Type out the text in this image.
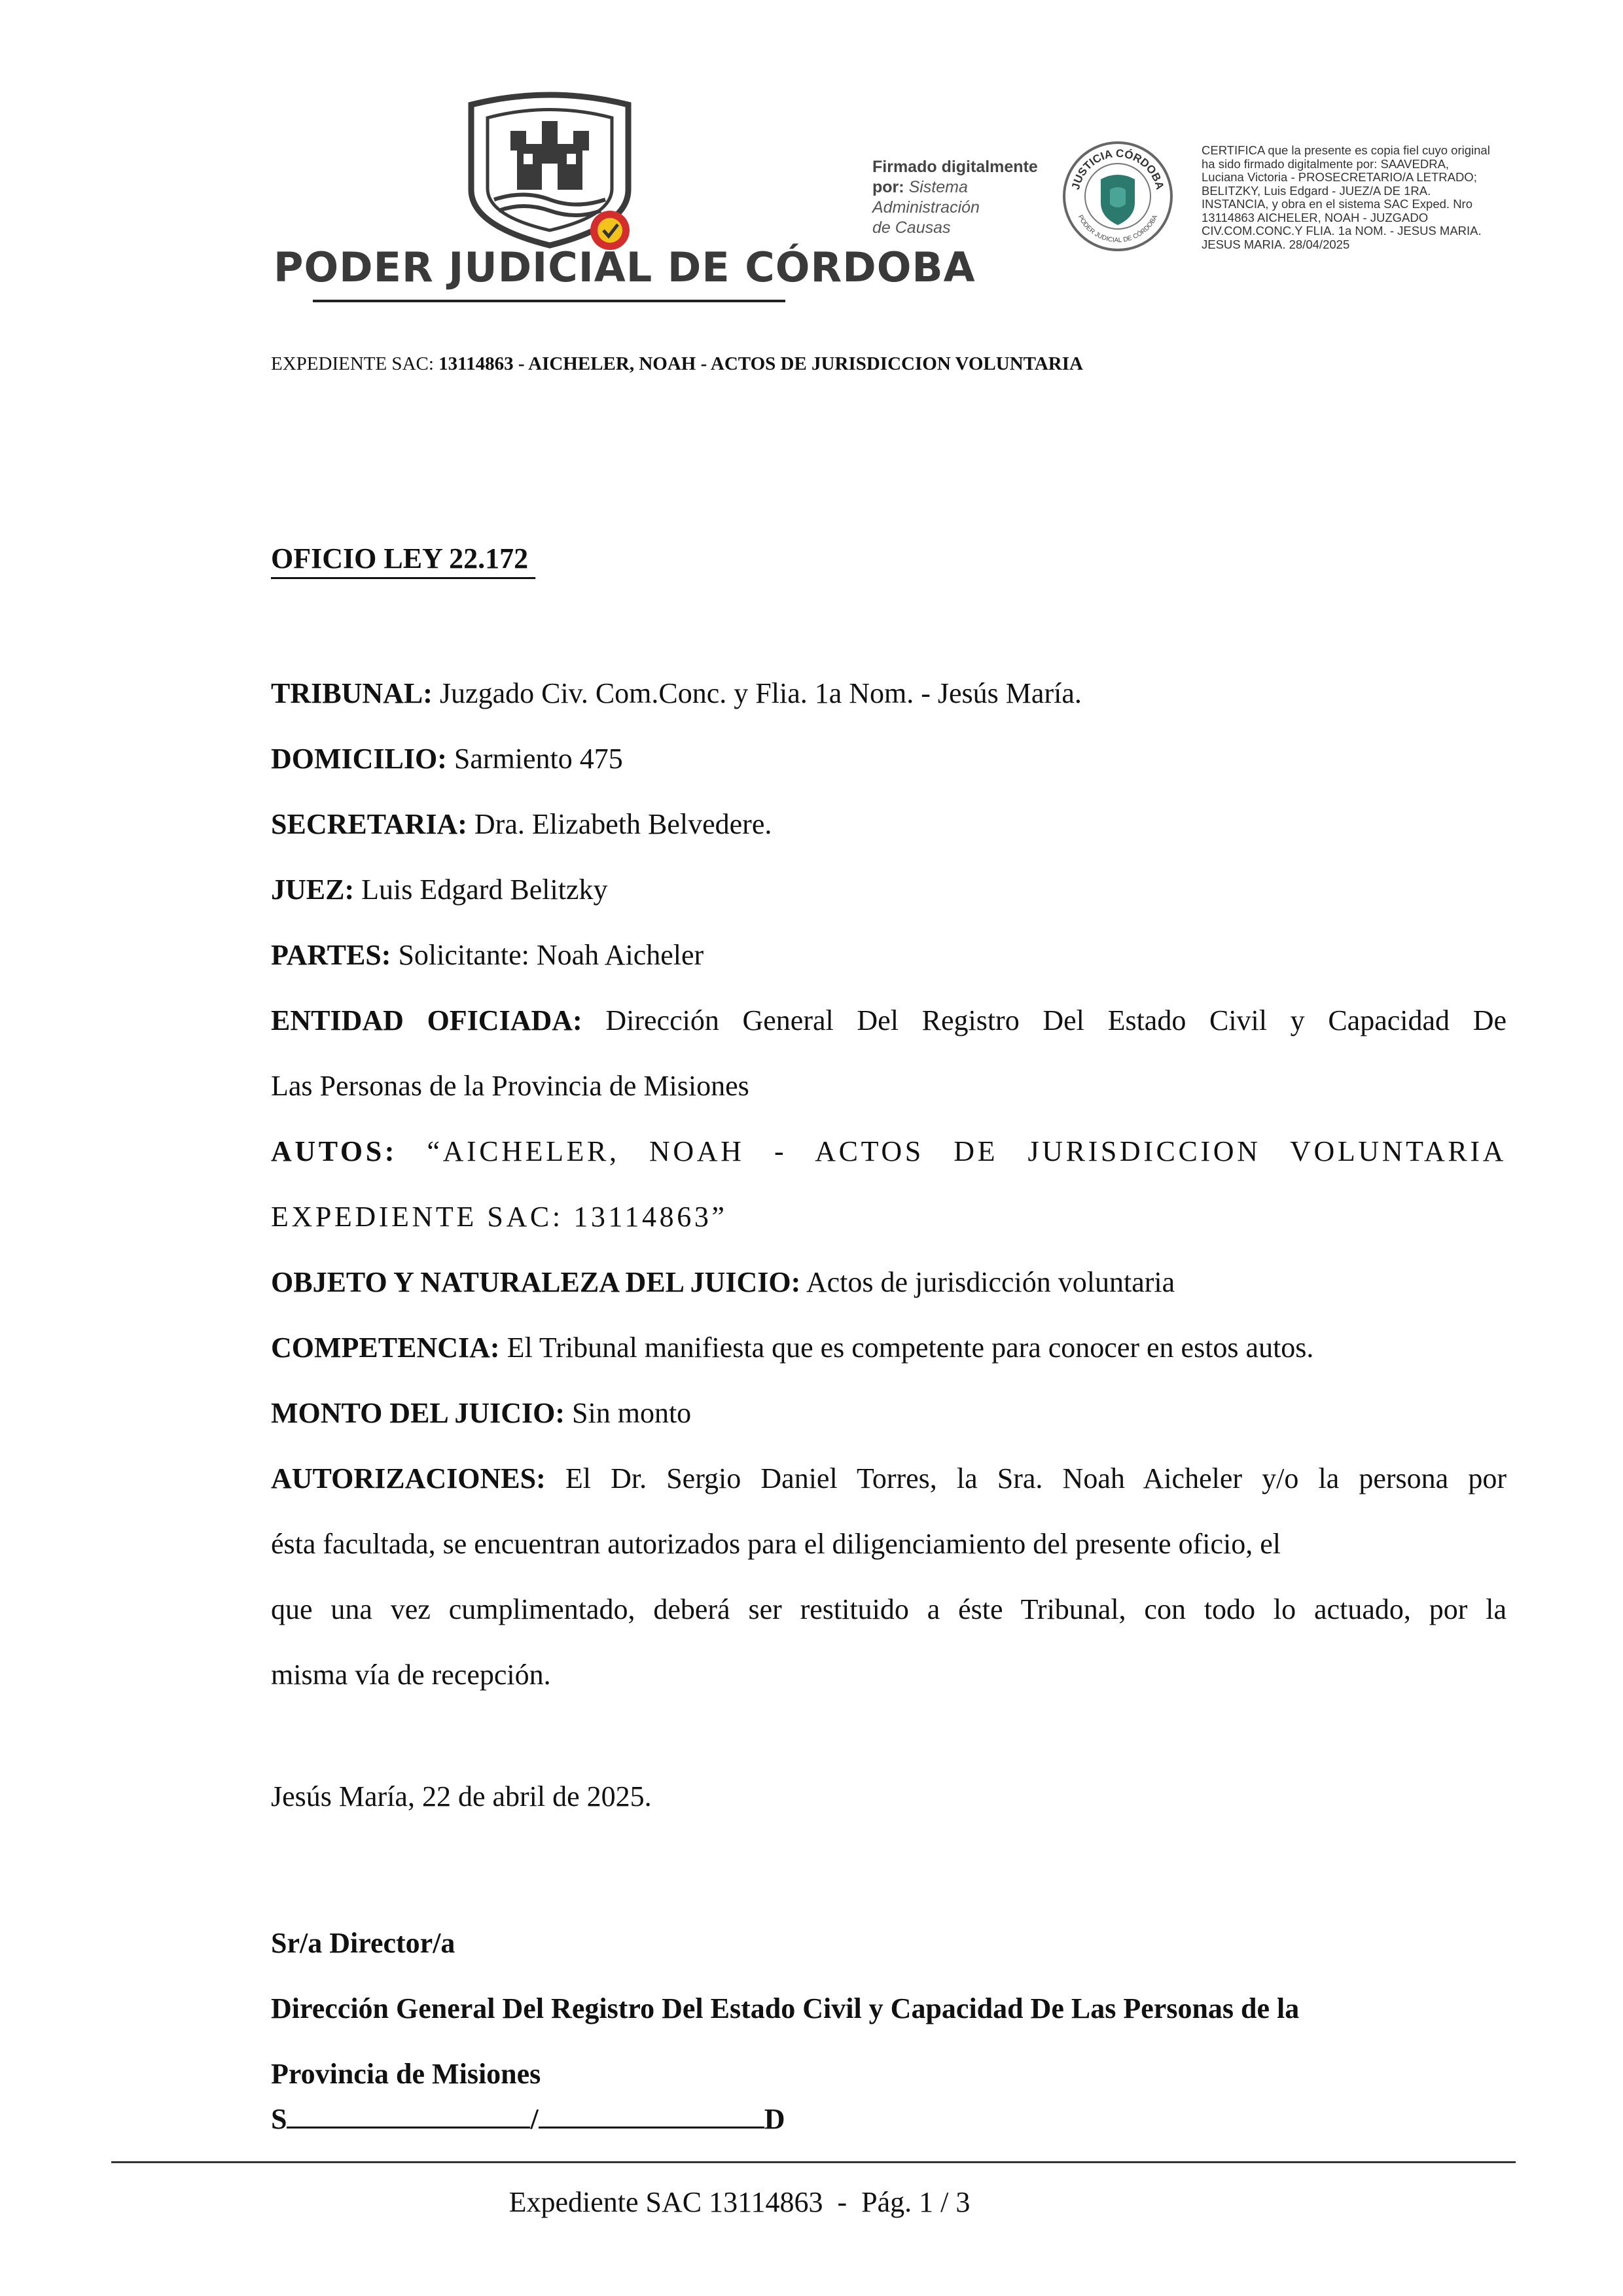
PODER JUDICIAL DE CÓRDOBA
Firmado digitalmente
por: Sistema
Administración
de Causas
JUSTICIA CÓRDOBA
PODER JUDICIAL DE CÓRDOBA
CERTIFICA que la presente es copia fiel cuyo original
ha sido firmado digitalmente por: SAAVEDRA,
Luciana Victoria - PROSECRETARIO/A LETRADO;
BELITZKY, Luis Edgard - JUEZ/A DE 1RA.
INSTANCIA, y obra en el sistema SAC Exped. Nro
13114863 AICHELER, NOAH - JUZGADO
CIV.COM.CONC.Y FLIA. 1a NOM. - JESUS MARIA.
JESUS MARIA. 28/04/2025
EXPEDIENTE SAC: 13114863 - AICHELER, NOAH - ACTOS DE JURISDICCION VOLUNTARIA
OFICIO LEY 22.172
TRIBUNAL: Juzgado Civ. Com.Conc. y Flia. 1a Nom. - Jesús María.
DOMICILIO: Sarmiento 475
SECRETARIA: Dra. Elizabeth Belvedere.
JUEZ: Luis Edgard Belitzky
PARTES: Solicitante: Noah Aicheler
ENTIDAD OFICIADA: Dirección General Del Registro Del Estado Civil y Capacidad De
Las Personas de la Provincia de Misiones
AUTOS: “AICHELER, NOAH - ACTOS DE JURISDICCION VOLUNTARIA
EXPEDIENTE SAC: 13114863”
OBJETO Y NATURALEZA DEL JUICIO: Actos de jurisdicción voluntaria
COMPETENCIA: El Tribunal manifiesta que es competente para conocer en estos autos.
MONTO DEL JUICIO: Sin monto
AUTORIZACIONES: El Dr. Sergio Daniel Torres, la Sra. Noah Aicheler y/o la persona por
ésta facultada, se encuentran autorizados para el diligenciamiento del presente oficio, el
que una vez cumplimentado, deberá ser restituido a éste Tribunal, con todo lo actuado, por la
misma vía de recepción.
Jesús María, 22 de abril de 2025.
Sr/a Director/a
Dirección General Del Registro Del Estado Civil y Capacidad De Las Personas de la
Provincia de Misiones
S	/	D
Expediente SAC 13114863  -  Pág. 1 / 3
